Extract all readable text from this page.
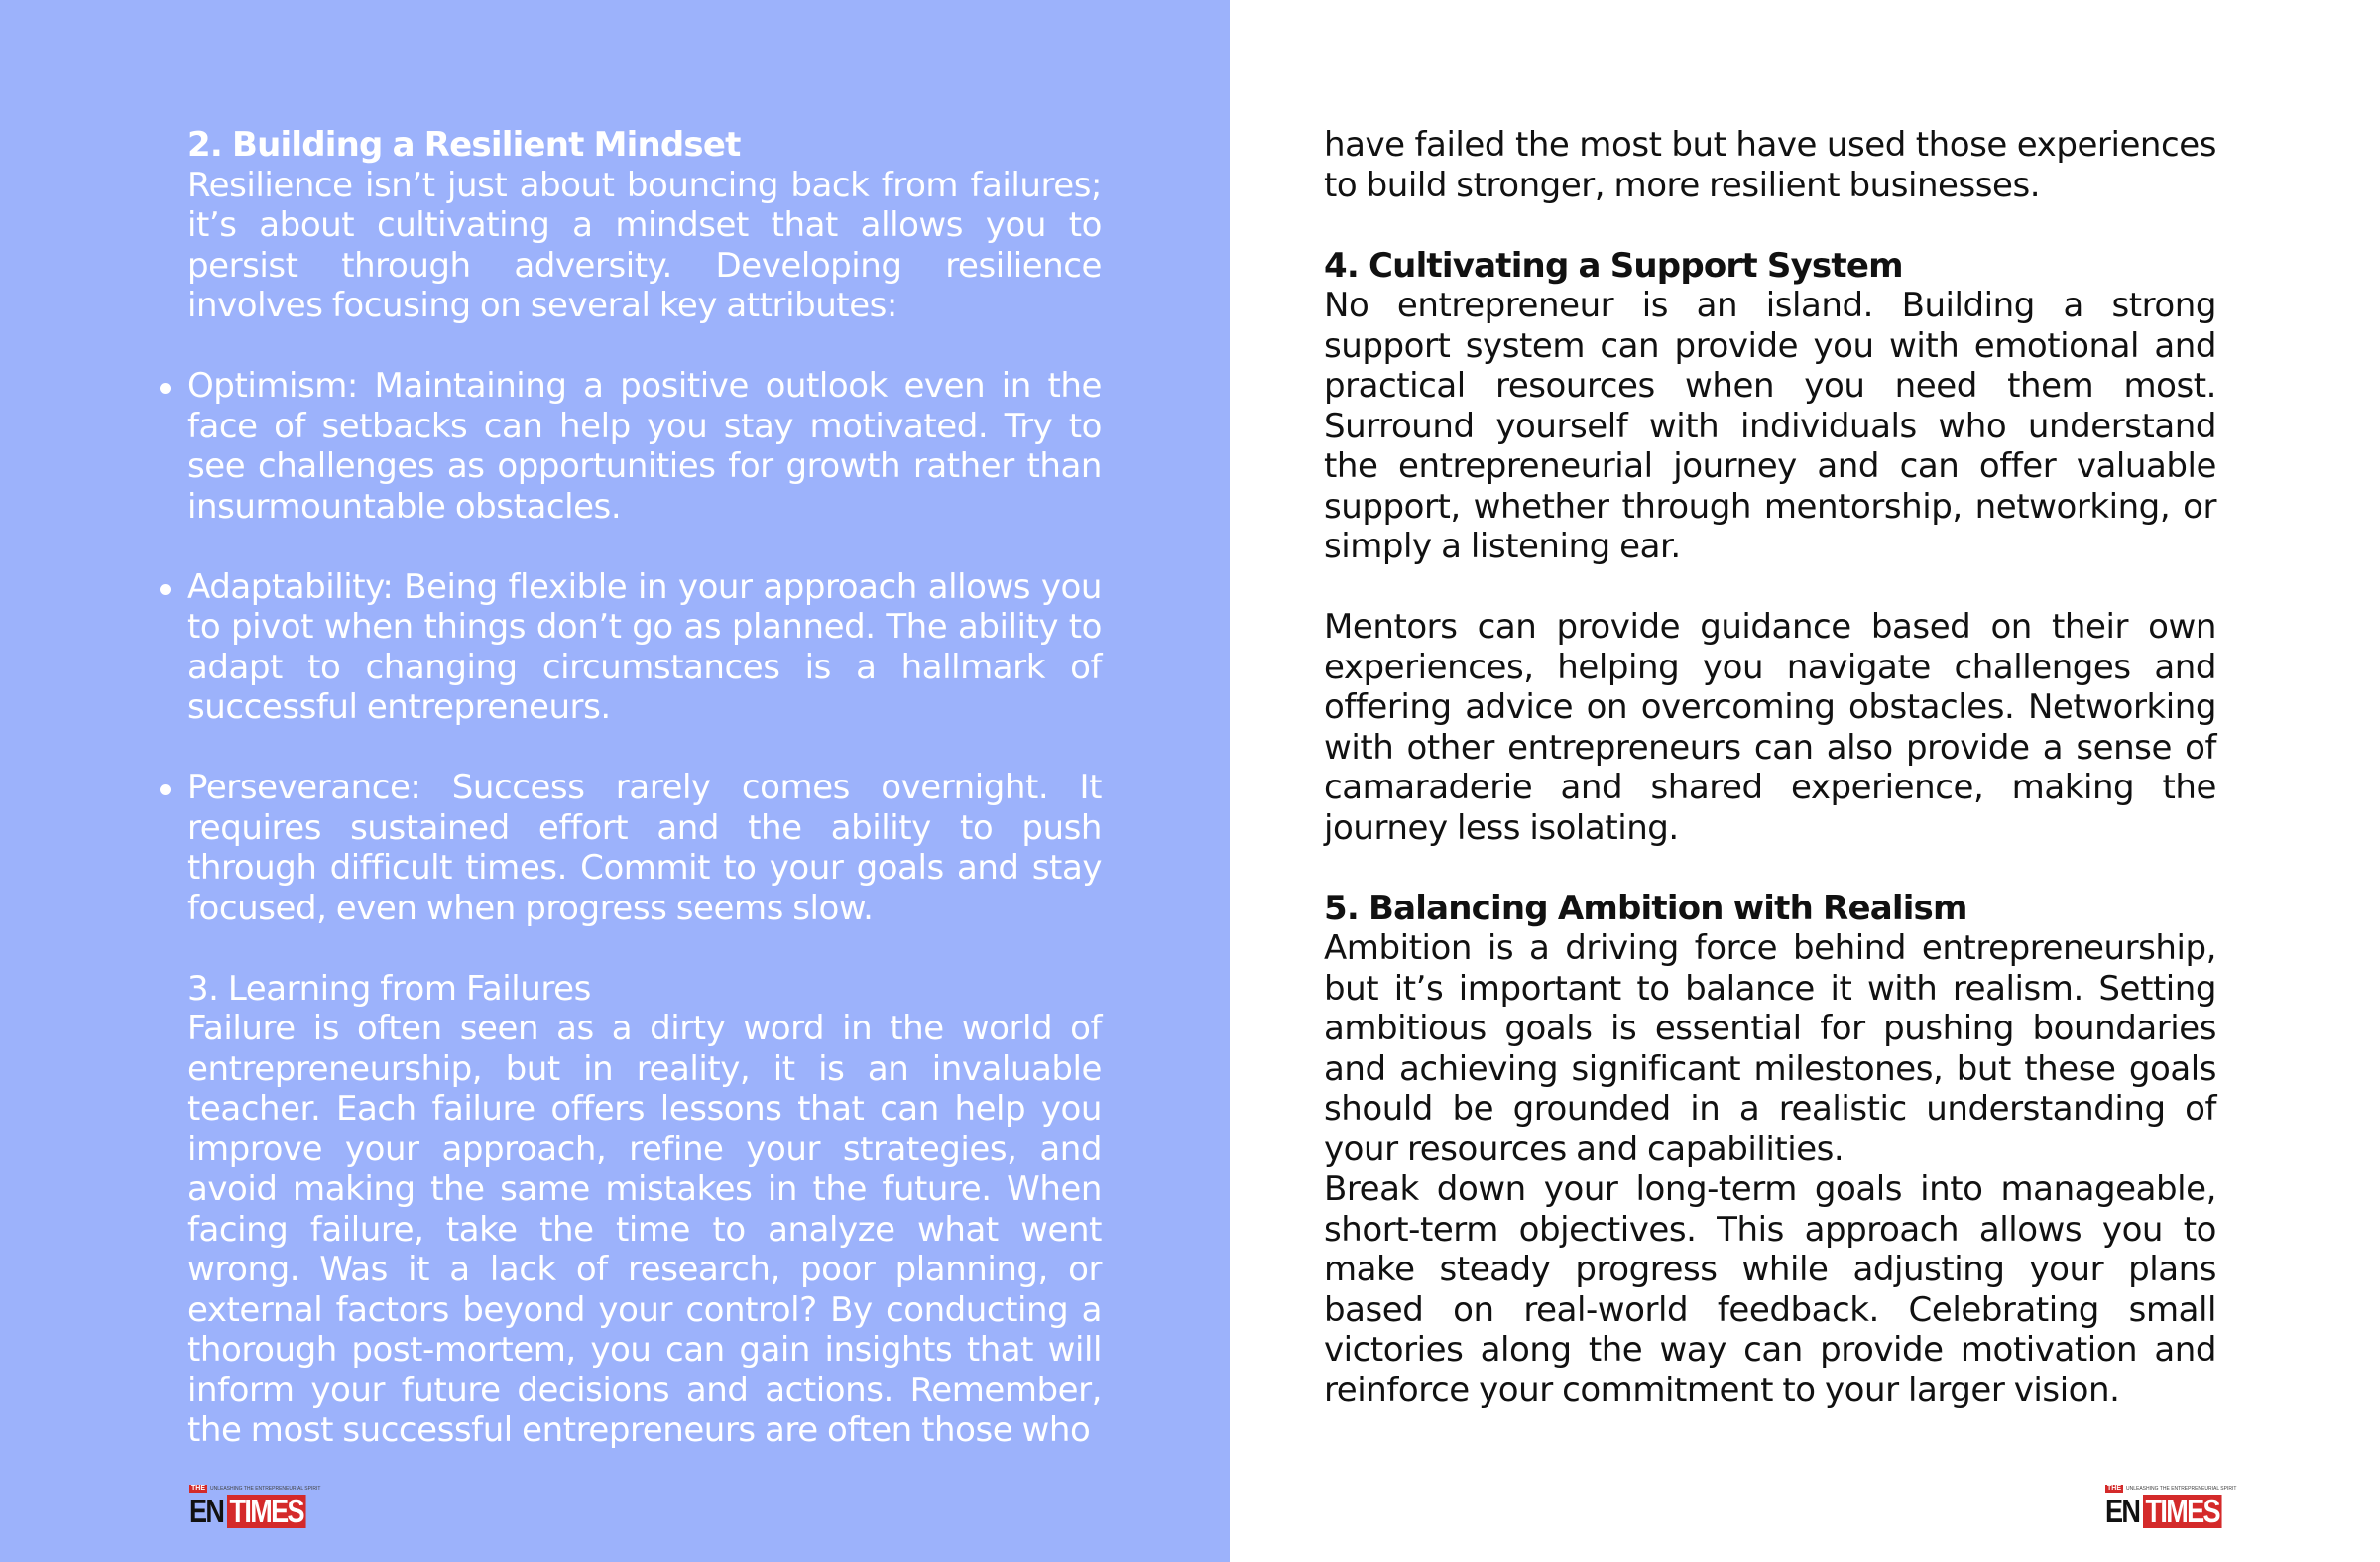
2. Building a Resilient Mindset

Resilience isn’t just about bouncing back from failures; it’s about cultivating a mindset that allows you to persist through adversity. Developing resilience involves focusing on several key attributes:

Optimism: Maintaining a positive outlook even in the face of setbacks can help you stay motivated. Try to see challenges as opportunities for growth rather than insurmountable obstacles.
Adaptability: Being flexible in your approach allows you to pivot when things don’t go as planned. The ability to adapt to changing circumstances is a hallmark of successful entrepreneurs.
Perseverance: Success rarely comes overnight. It requires sustained effort and the ability to push through difficult times. Commit to your goals and stay focused, even when progress seems slow.

3. Learning from Failures

Failure is often seen as a dirty word in the world of entrepreneurship, but in reality, it is an invaluable teacher. Each failure offers lessons that can help you improve your approach, refine your strategies, and avoid making the same mistakes in the future. When facing failure, take the time to analyze what went wrong. Was it a lack of research, poor planning, or external factors beyond your control? By conducting a thorough post-mortem, you can gain insights that will inform your future decisions and actions. Remember, the most successful entrepreneurs are often those who

THE	UNLEASHING THE ENTREPRENEURIAL SPIRIT
EN TIMES

have failed the most but have used those experiences to build stronger, more resilient businesses.

4. Cultivating a Support System

No entrepreneur is an island. Building a strong support system can provide you with emotional and practical resources when you need them most. Surround yourself with individuals who understand the entrepreneurial journey and can offer valuable support, whether through mentorship, networking, or simply a listening ear.

Mentors can provide guidance based on their own experiences, helping you navigate challenges and offering advice on overcoming obstacles. Networking with other entrepreneurs can also provide a sense of camaraderie and shared experience, making the journey less isolating.

5. Balancing Ambition with Realism

Ambition is a driving force behind entrepreneurship, but it’s important to balance it with realism. Setting ambitious goals is essential for pushing boundaries and achieving significant milestones, but these goals should be grounded in a realistic understanding of your resources and capabilities.

Break down your long-term goals into manageable, short-term objectives. This approach allows you to make steady progress while adjusting your plans based on real-world feedback. Celebrating small victories along the way can provide motivation and reinforce your commitment to your larger vision.

THE	UNLEASHING THE ENTREPRENEURIAL SPIRIT
EN TIMES
